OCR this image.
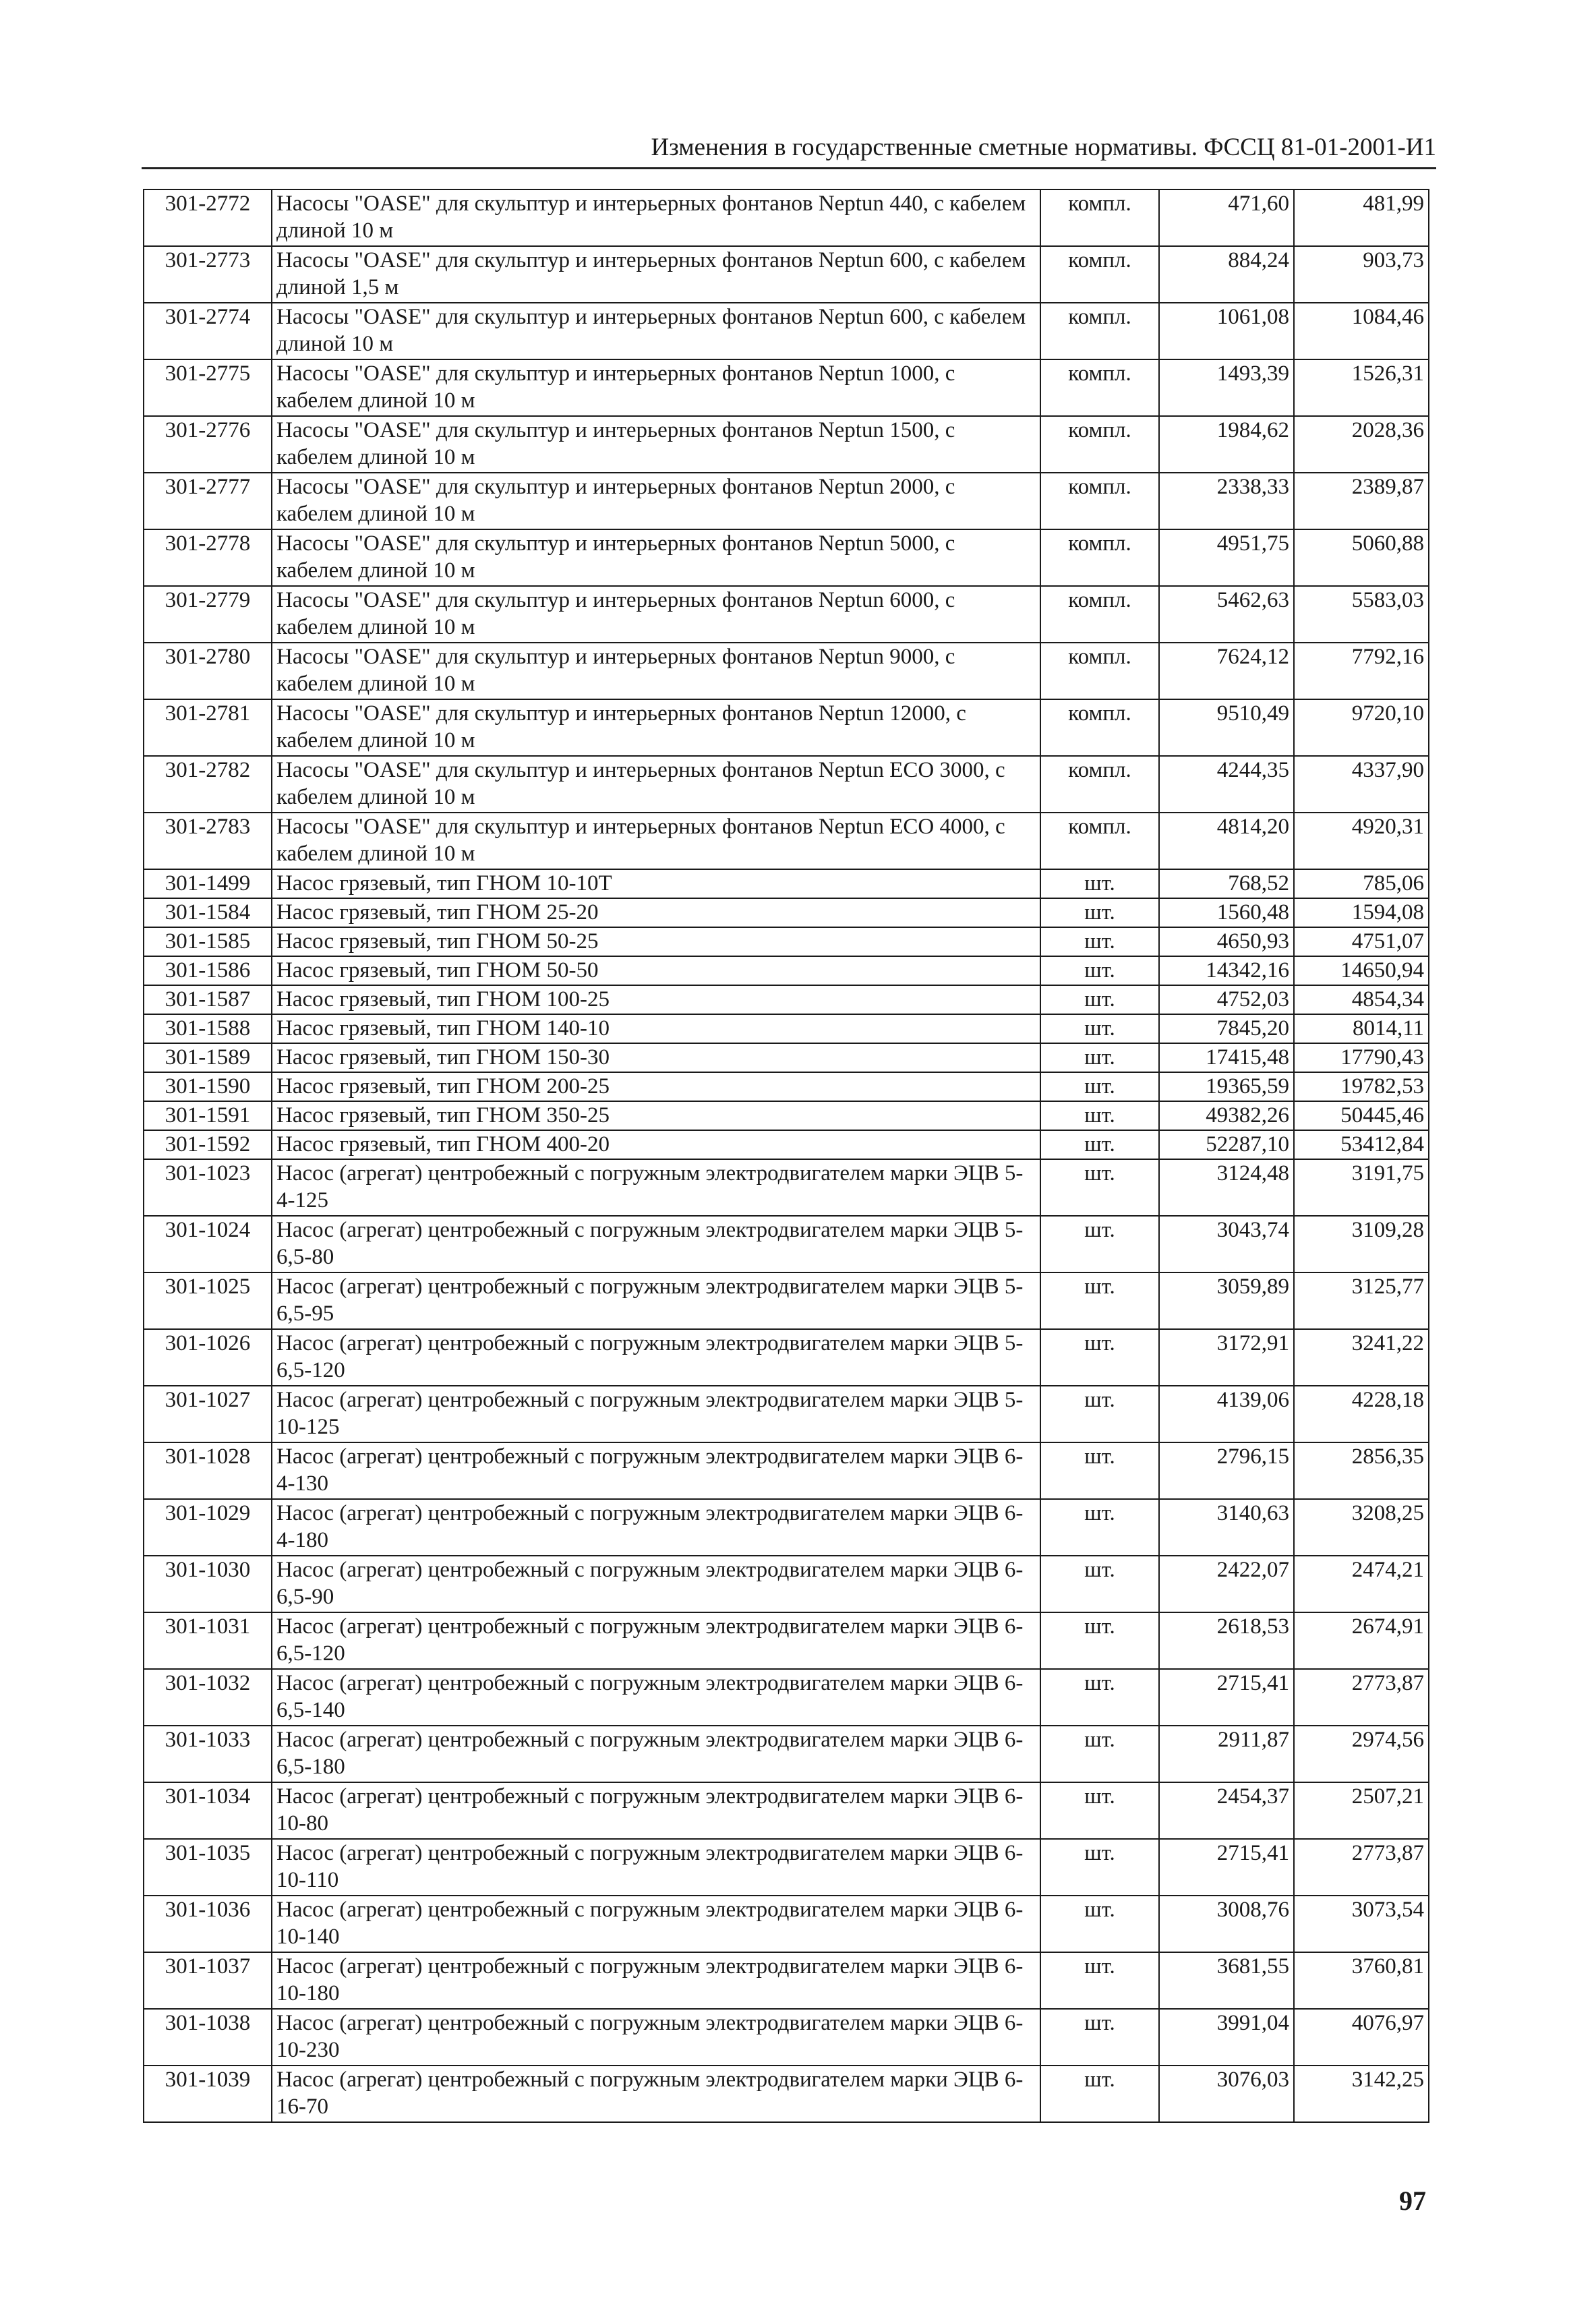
Изменения в государственные сметные нормативы. ФССЦ 81-01-2001-И1
301-2772	Насосы "OASE" для скульптур и интерьерных фонтанов Neptun 440, с кабелем длиной 10 м	компл.	471,60	481,99
301-2773	Насосы "OASE" для скульптур и интерьерных фонтанов Neptun 600, с кабелем длиной 1,5 м	компл.	884,24	903,73
301-2774	Насосы "OASE" для скульптур и интерьерных фонтанов Neptun 600, с кабелем длиной 10 м	компл.	1061,08	1084,46
301-2775	Насосы "OASE" для скульптур и интерьерных фонтанов Neptun 1000, с кабелем длиной 10 м	компл.	1493,39	1526,31
301-2776	Насосы "OASE" для скульптур и интерьерных фонтанов Neptun 1500, с кабелем длиной 10 м	компл.	1984,62	2028,36
301-2777	Насосы "OASE" для скульптур и интерьерных фонтанов Neptun 2000, с кабелем длиной 10 м	компл.	2338,33	2389,87
301-2778	Насосы "OASE" для скульптур и интерьерных фонтанов Neptun 5000, с кабелем длиной 10 м	компл.	4951,75	5060,88
301-2779	Насосы "OASE" для скульптур и интерьерных фонтанов Neptun 6000, с кабелем длиной 10 м	компл.	5462,63	5583,03
301-2780	Насосы "OASE" для скульптур и интерьерных фонтанов Neptun 9000, с кабелем длиной 10 м	компл.	7624,12	7792,16
301-2781	Насосы "OASE" для скульптур и интерьерных фонтанов Neptun 12000, с кабелем длиной 10 м	компл.	9510,49	9720,10
301-2782	Насосы "OASE" для скульптур и интерьерных фонтанов Neptun ECO 3000, с кабелем длиной 10 м	компл.	4244,35	4337,90
301-2783	Насосы "OASE" для скульптур и интерьерных фонтанов Neptun ECO 4000, с кабелем длиной 10 м	компл.	4814,20	4920,31
301-1499	Насос грязевый, тип ГНОМ 10-10Т	шт.	768,52	785,06
301-1584	Насос грязевый, тип ГНОМ 25-20	шт.	1560,48	1594,08
301-1585	Насос грязевый, тип ГНОМ 50-25	шт.	4650,93	4751,07
301-1586	Насос грязевый, тип ГНОМ 50-50	шт.	14342,16	14650,94
301-1587	Насос грязевый, тип ГНОМ 100-25	шт.	4752,03	4854,34
301-1588	Насос грязевый, тип ГНОМ 140-10	шт.	7845,20	8014,11
301-1589	Насос грязевый, тип ГНОМ 150-30	шт.	17415,48	17790,43
301-1590	Насос грязевый, тип ГНОМ 200-25	шт.	19365,59	19782,53
301-1591	Насос грязевый, тип ГНОМ 350-25	шт.	49382,26	50445,46
301-1592	Насос грязевый, тип ГНОМ 400-20	шт.	52287,10	53412,84
301-1023	Насос (агрегат) центробежный с погружным электродвигателем марки ЭЦВ 5-4-125	шт.	3124,48	3191,75
301-1024	Насос (агрегат) центробежный с погружным электродвигателем марки ЭЦВ 5-6,5-80	шт.	3043,74	3109,28
301-1025	Насос (агрегат) центробежный с погружным электродвигателем марки ЭЦВ 5-6,5-95	шт.	3059,89	3125,77
301-1026	Насос (агрегат) центробежный с погружным электродвигателем марки ЭЦВ 5-6,5-120	шт.	3172,91	3241,22
301-1027	Насос (агрегат) центробежный с погружным электродвигателем марки ЭЦВ 5-10-125	шт.	4139,06	4228,18
301-1028	Насос (агрегат) центробежный с погружным электродвигателем марки ЭЦВ 6-4-130	шт.	2796,15	2856,35
301-1029	Насос (агрегат) центробежный с погружным электродвигателем марки ЭЦВ 6-4-180	шт.	3140,63	3208,25
301-1030	Насос (агрегат) центробежный с погружным электродвигателем марки ЭЦВ 6-6,5-90	шт.	2422,07	2474,21
301-1031	Насос (агрегат) центробежный с погружным электродвигателем марки ЭЦВ 6-6,5-120	шт.	2618,53	2674,91
301-1032	Насос (агрегат) центробежный с погружным электродвигателем марки ЭЦВ 6-6,5-140	шт.	2715,41	2773,87
301-1033	Насос (агрегат) центробежный с погружным электродвигателем марки ЭЦВ 6-6,5-180	шт.	2911,87	2974,56
301-1034	Насос (агрегат) центробежный с погружным электродвигателем марки ЭЦВ 6-10-80	шт.	2454,37	2507,21
301-1035	Насос (агрегат) центробежный с погружным электродвигателем марки ЭЦВ 6-10-110	шт.	2715,41	2773,87
301-1036	Насос (агрегат) центробежный с погружным электродвигателем марки ЭЦВ 6-10-140	шт.	3008,76	3073,54
301-1037	Насос (агрегат) центробежный с погружным электродвигателем марки ЭЦВ 6-10-180	шт.	3681,55	3760,81
301-1038	Насос (агрегат) центробежный с погружным электродвигателем марки ЭЦВ 6-10-230	шт.	3991,04	4076,97
301-1039	Насос (агрегат) центробежный с погружным электродвигателем марки ЭЦВ 6-16-70	шт.	3076,03	3142,25
97
